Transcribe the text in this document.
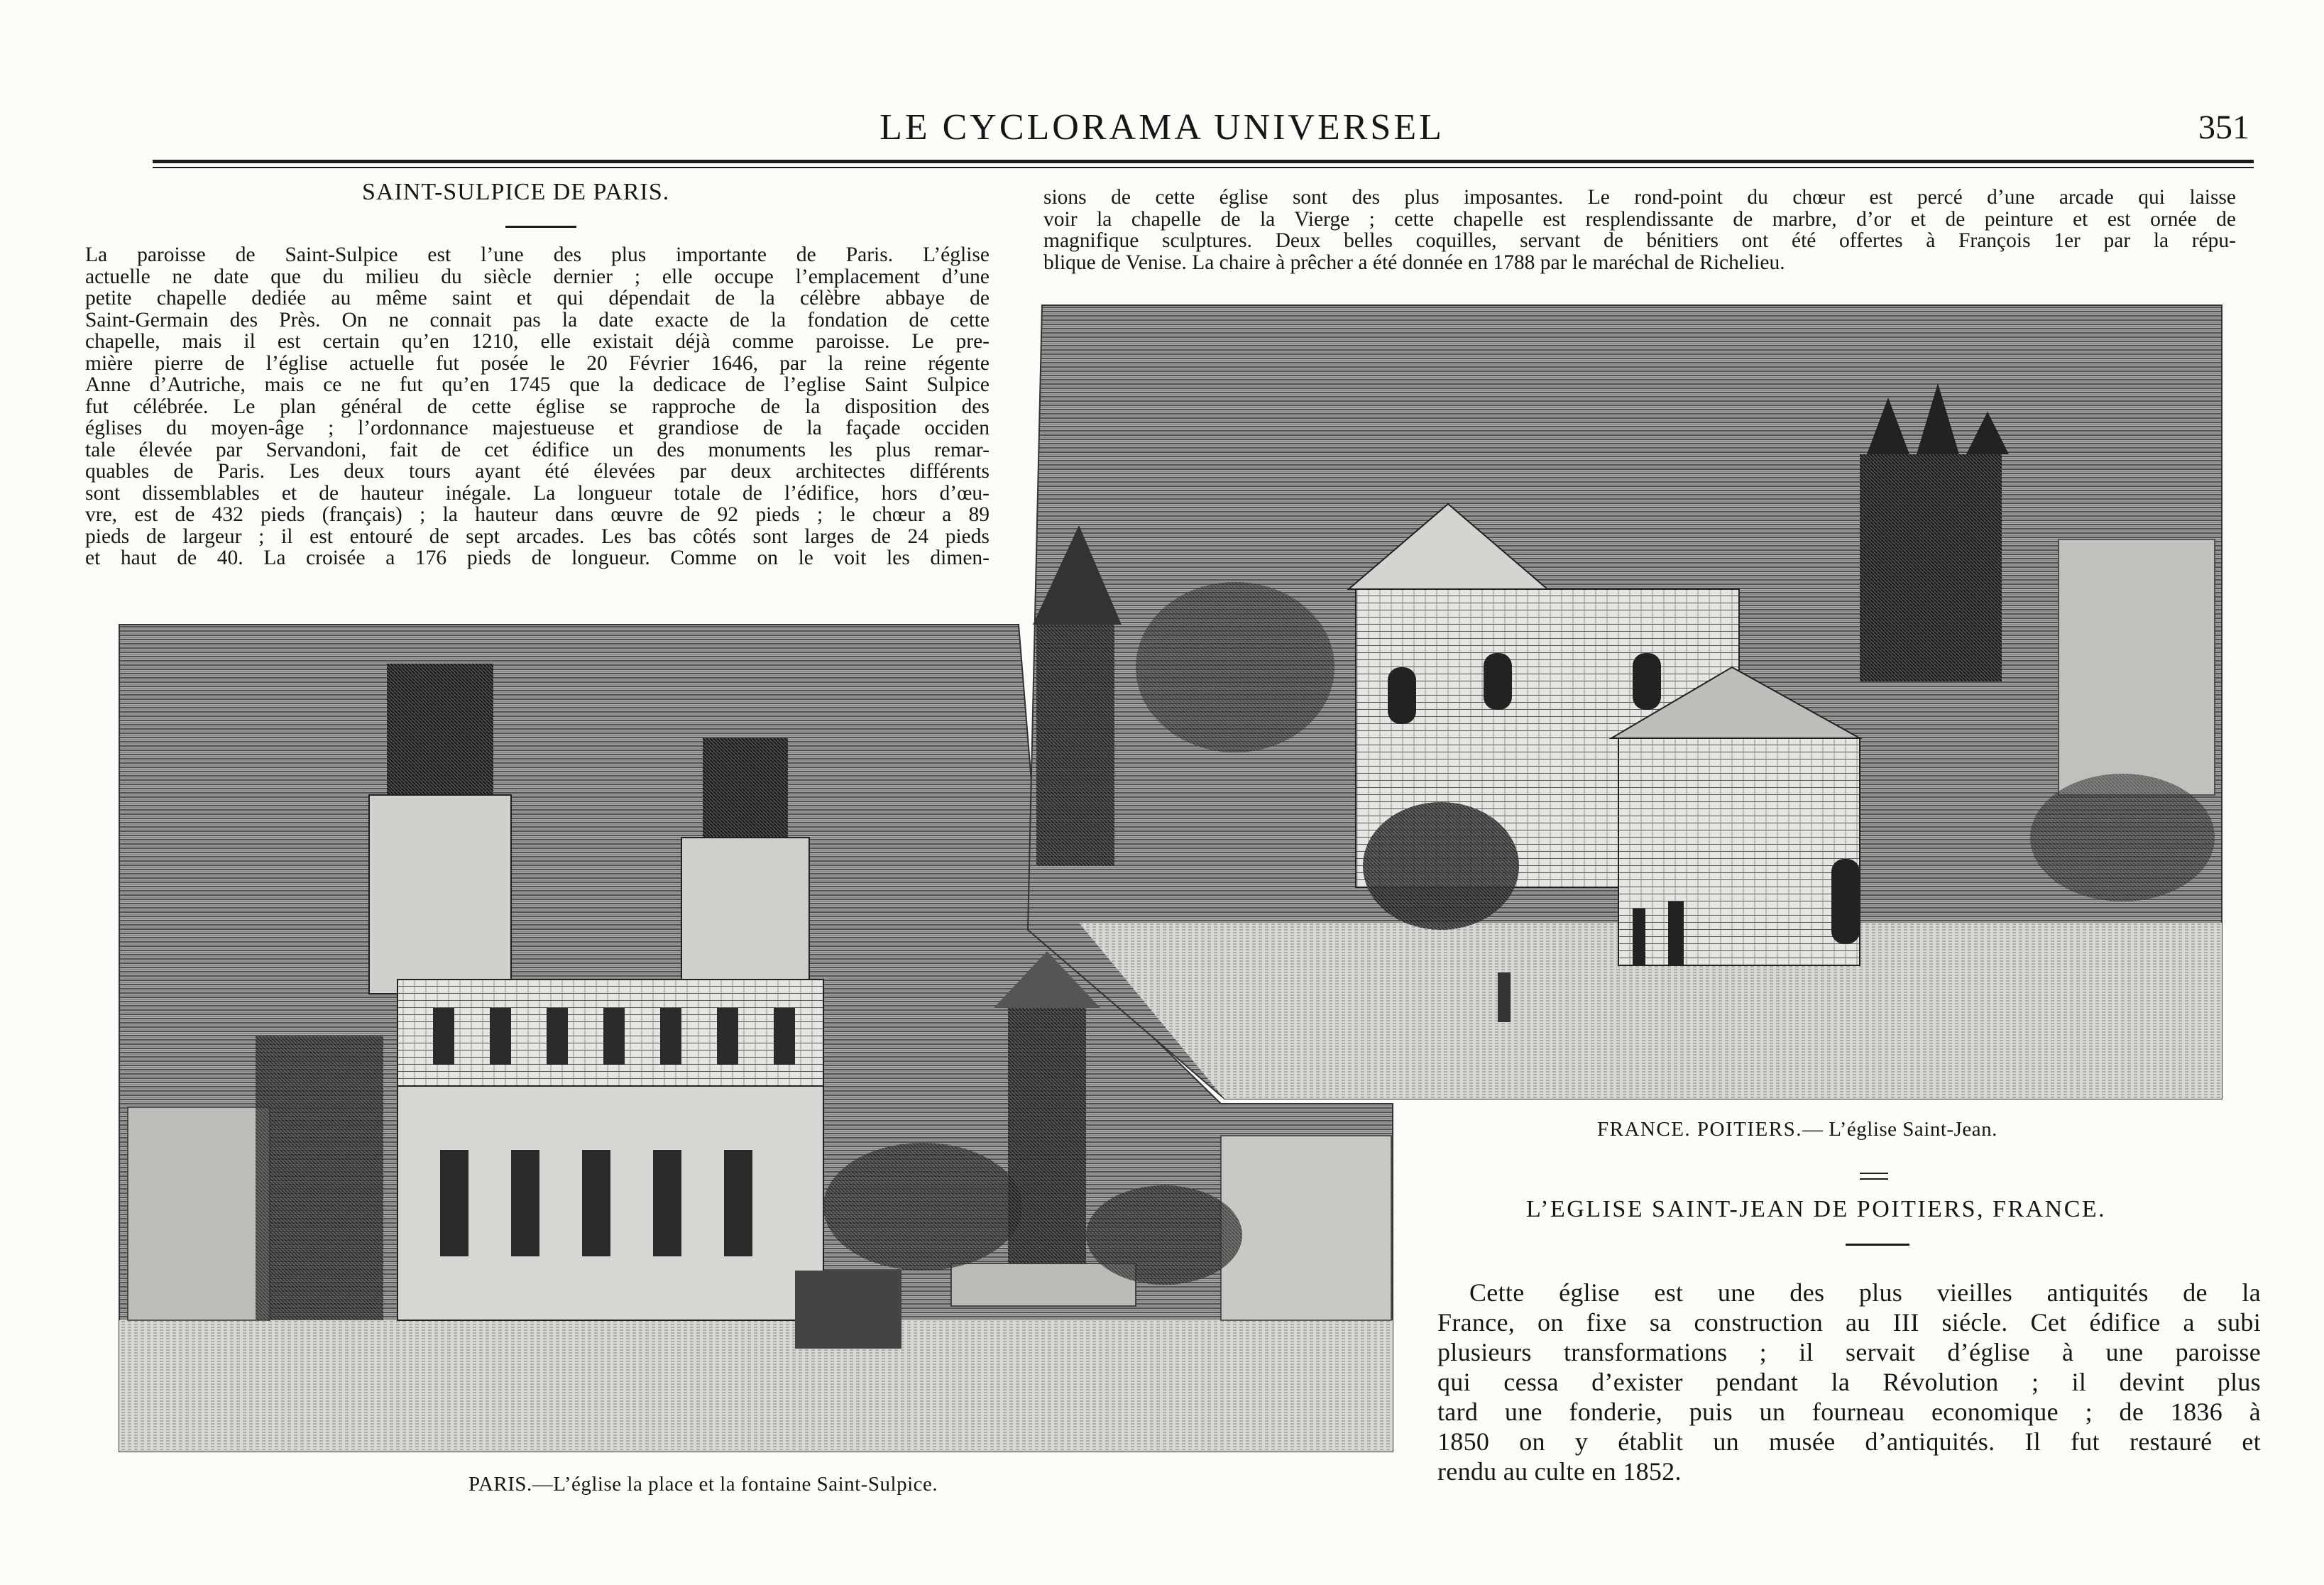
LE CYCLORAMA UNIVERSEL	351
SAINT-SULPICE DE PARIS.
La paroisse de Saint-Sulpice est l’une des plus importante de Paris. L’église
actuelle ne date que du milieu du siècle dernier ; elle occupe l’emplacement d’une
petite chapelle dediée au même saint et qui dépendait de la célèbre abbaye de
Saint-Germain des Près. On ne connait pas la date exacte de la fondation de cette
chapelle, mais il est certain qu’en 1210, elle existait déjà comme paroisse. Le pre-
mière pierre de l’église actuelle fut posée le 20 Février 1646, par la reine régente
Anne d’Autriche, mais ce ne fut qu’en 1745 que la dedicace de l’eglise Saint Sulpice
fut célébrée. Le plan général de cette église se rapproche de la disposition des
églises du moyen-âge ; l’ordonnance majestueuse et grandiose de la façade occiden
tale élevée par Servandoni, fait de cet édifice un des monuments les plus remar-
quables de Paris. Les deux tours ayant été élevées par deux architectes différents
sont dissemblables et de hauteur inégale. La longueur totale de l’édifice, hors d’œu-
vre, est de 432 pieds (français) ; la hauteur dans œuvre de 92 pieds ; le chœur a 89
pieds de largeur ; il est entouré de sept arcades. Les bas côtés sont larges de 24 pieds
et haut de 40. La croisée a 176 pieds de longueur. Comme on le voit les dimen-
sions de cette église sont des plus imposantes. Le rond-point du chœur est percé d’une arcade qui laisse
voir la chapelle de la Vierge ; cette chapelle est resplendissante de marbre, d’or et de peinture et est ornée de
magnifique sculptures. Deux belles coquilles, servant de bénitiers ont été offertes à François 1er par la répu-
blique de Venise. La chaire à prêcher a été donnée en 1788 par le maréchal de Richelieu.
PARIS.—L’église la place et la fontaine Saint-Sulpice.
FRANCE. POITIERS.— L’église Saint-Jean.
L’EGLISE SAINT-JEAN DE POITIERS, FRANCE.
Cette église est une des plus vieilles antiquités de la
France, on fixe sa construction au III siécle. Cet édifice a subi
plusieurs transformations ; il servait d’église à une paroisse
qui cessa d’exister pendant la Révolution ; il devint plus
tard une fonderie, puis un fourneau economique ; de 1836 à
1850 on y établit un musée d’antiquités. Il fut restauré et
rendu au culte en 1852.
